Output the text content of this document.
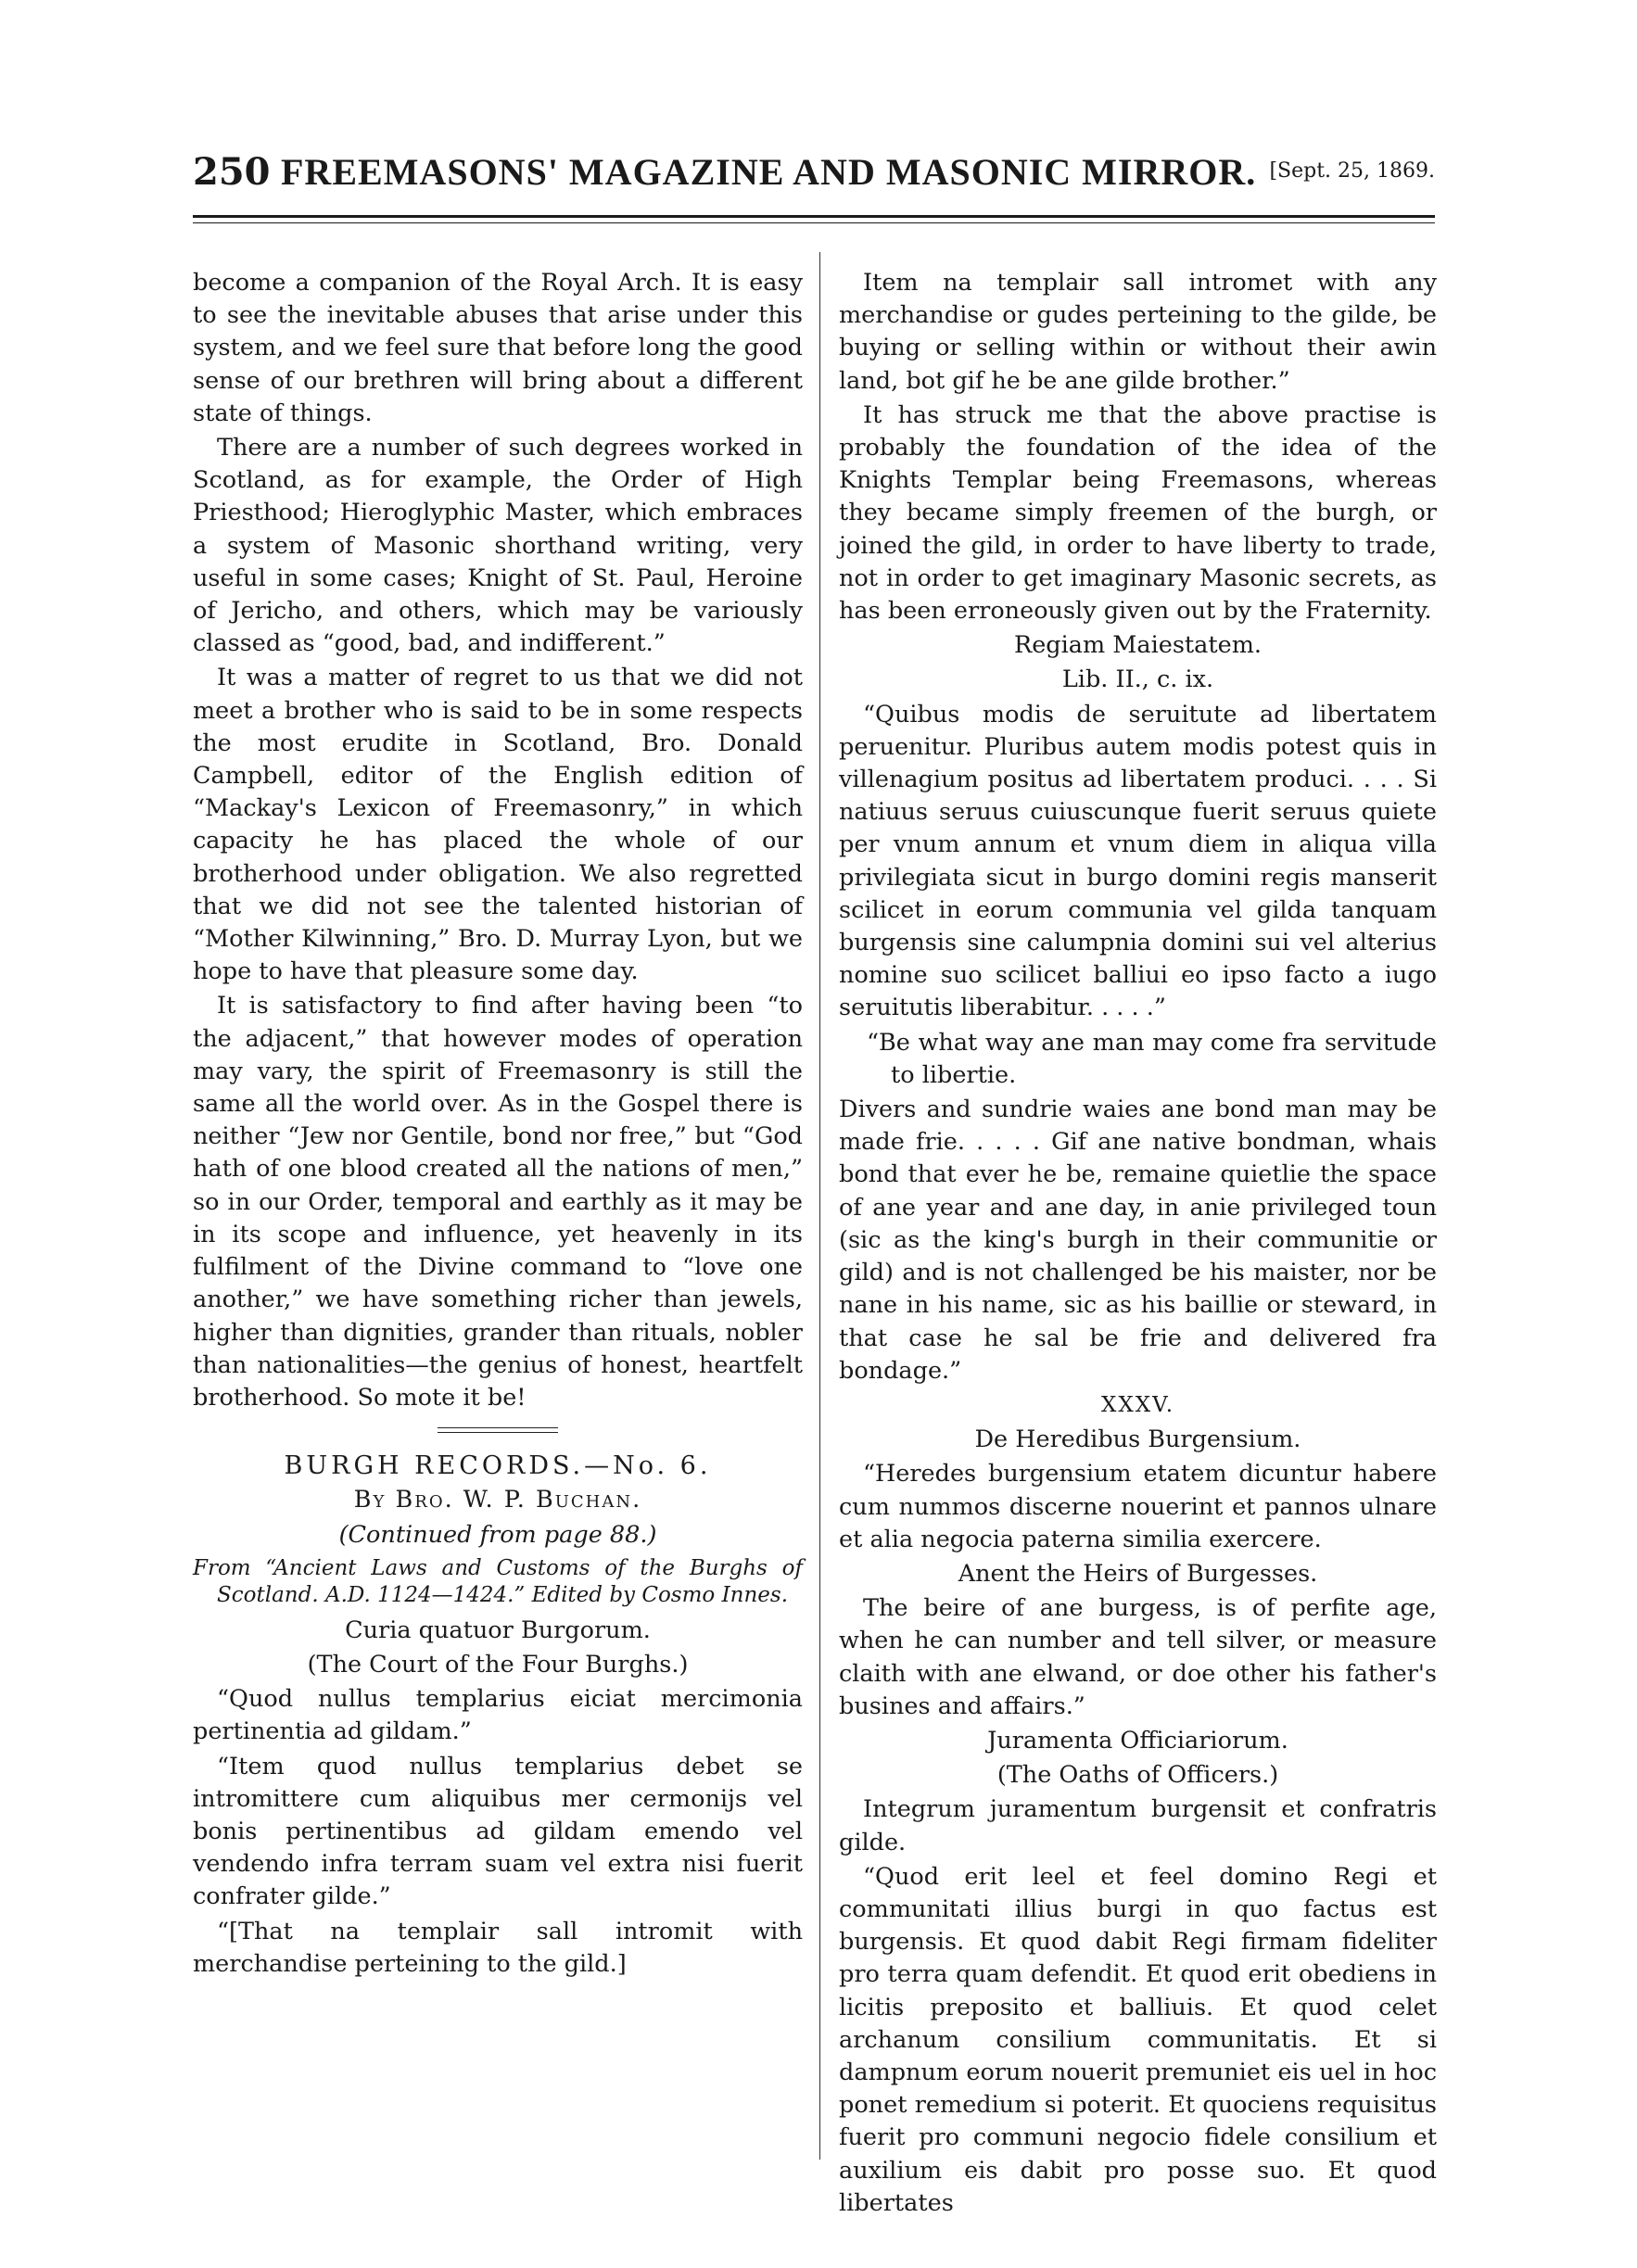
250 FREEMASONS' MAGAZINE AND MASONIC MIRROR. [Sept. 25, 1869.

become a companion of the Royal Arch. It is easy to see the inevitable abuses that arise under this system, and we feel sure that before long the good sense of our brethren will bring about a different state of things.

There are a number of such degrees worked in Scotland, as for example, the Order of High Priesthood; Hieroglyphic Master, which embraces a system of Masonic shorthand writing, very useful in some cases; Knight of St. Paul, Heroine of Jericho, and others, which may be variously classed as “good, bad, and indifferent.”

It was a matter of regret to us that we did not meet a brother who is said to be in some respects the most erudite in Scotland, Bro. Donald Campbell, editor of the English edition of “Mackay's Lexicon of Freemasonry,” in which capacity he has placed the whole of our brotherhood under obligation. We also regretted that we did not see the talented historian of “Mother Kilwinning,” Bro. D. Murray Lyon, but we hope to have that pleasure some day.

It is satisfactory to find after having been “to the adjacent,” that however modes of operation may vary, the spirit of Freemasonry is still the same all the world over. As in the Gospel there is neither “Jew nor Gentile, bond nor free,” but “God hath of one blood created all the nations of men,” so in our Order, temporal and earthly as it may be in its scope and influence, yet heavenly in its fulfilment of the Divine command to “love one another,” we have something richer than jewels, higher than dignities, grander than rituals, nobler than nationalities—the genius of honest, heartfelt brotherhood. So mote it be!

BURGH RECORDS.—No. 6.

By Bro. W. P. Buchan.

(Continued from page 88.)

From “Ancient Laws and Customs of the Burghs of Scotland. A.D. 1124—1424.” Edited by Cosmo Innes.

Curia quatuor Burgorum.

(The Court of the Four Burghs.)

“Quod nullus templarius eiciat mercimonia pertinentia ad gildam.”

“Item quod nullus templarius debet se intromittere cum aliquibus mer cermonijs vel bonis pertinentibus ad gildam emendo vel vendendo infra terram suam vel extra nisi fuerit confrater gilde.”

“[That na templair sall intromit with merchandise perteining to the gild.]

Item na templair sall intromet with any merchandise or gudes perteining to the gilde, be buying or selling within or without their awin land, bot gif he be ane gilde brother.”

It has struck me that the above practise is probably the foundation of the idea of the Knights Templar being Freemasons, whereas they became simply freemen of the burgh, or joined the gild, in order to have liberty to trade, not in order to get imaginary Masonic secrets, as has been erroneously given out by the Fraternity.

Regiam Maiestatem.

Lib. II., c. ix.

“Quibus modis de seruitute ad libertatem peruenitur. Pluribus autem modis potest quis in villenagium positus ad libertatem produci. . . . Si natiuus seruus cuiuscunque fuerit seruus quiete per vnum annum et vnum diem in aliqua villa privilegiata sicut in burgo domini regis manserit scilicet in eorum communia vel gilda tanquam burgensis sine calumpnia domini sui vel alterius nomine suo scilicet balliui eo ipso facto a iugo seruitutis liberabitur. . . . .”

“Be what way ane man may come fra servitude to libertie.

Divers and sundrie waies ane bond man may be made frie. . . . . Gif ane native bondman, whais bond that ever he be, remaine quietlie the space of ane year and ane day, in anie privileged toun (sic as the king's burgh in their communitie or gild) and is not challenged be his maister, nor be nane in his name, sic as his baillie or steward, in that case he sal be frie and delivered fra bondage.”

XXXV.

De Heredibus Burgensium.

“Heredes burgensium etatem dicuntur habere cum nummos discerne nouerint et pannos ulnare et alia negocia paterna similia exercere.

Anent the Heirs of Burgesses.

The beire of ane burgess, is of perfite age, when he can number and tell silver, or measure claith with ane elwand, or doe other his father's busines and affairs.”

Juramenta Officiariorum.

(The Oaths of Officers.)

Integrum juramentum burgensit et confratris gilde.

“Quod erit leel et feel domino Regi et communitati illius burgi in quo factus est burgensis. Et quod dabit Regi firmam fideliter pro terra quam defendit. Et quod erit obediens in licitis preposito et balliuis. Et quod celet archanum consilium communitatis. Et si dampnum eorum nouerit premuniet eis uel in hoc ponet remedium si poterit. Et quociens requisitus fuerit pro communi negocio fidele consilium et auxilium eis dabit pro posse suo. Et quod libertates
